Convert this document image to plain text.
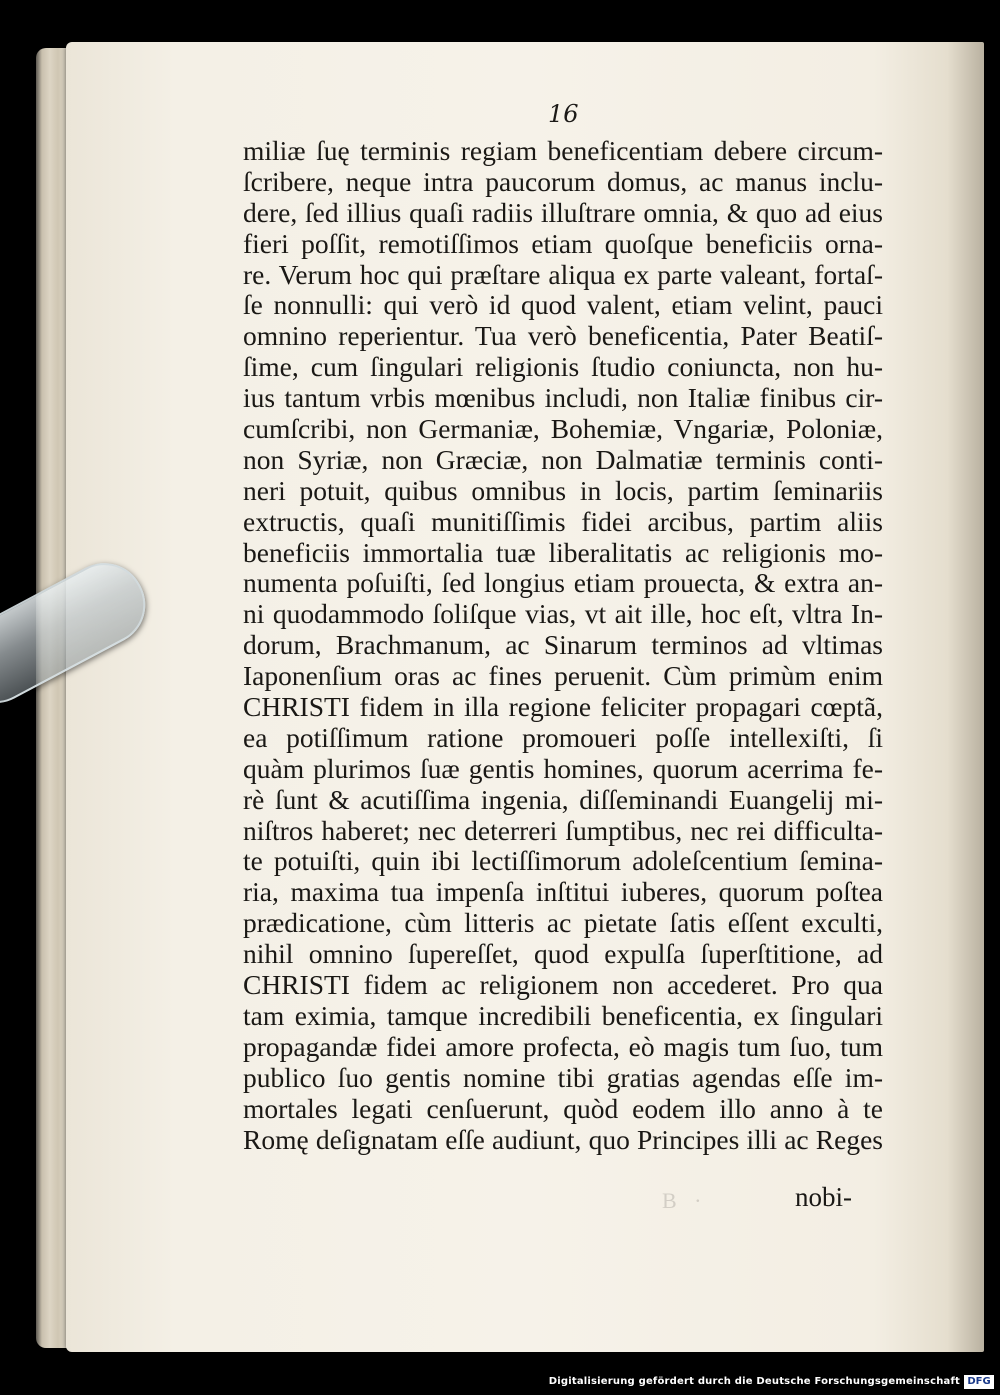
16
miliæ ſuę terminis regiam beneficentiam debere circum-
ſcribere, neque intra paucorum domus, ac manus inclu-
dere, ſed illius quaſi radiis illuſtrare omnia, & quo ad eius
fieri poſſit, remotiſſimos etiam quoſque beneficiis orna-
re. Verum hoc qui præſtare aliqua ex parte valeant, fortaſ-
ſe nonnulli: qui verò id quod valent, etiam velint, pauci
omnino reperientur. Tua verò beneficentia, Pater Beatiſ-
ſime, cum ſingulari religionis ſtudio coniuncta, non hu-
ius tantum vrbis mœnibus includi, non Italiæ finibus cir-
cumſcribi, non Germaniæ, Bohemiæ, Vngariæ, Poloniæ,
non Syriæ, non Græciæ, non Dalmatiæ terminis conti-
neri potuit, quibus omnibus in locis, partim ſeminariis
extructis, quaſi munitiſſimis fidei arcibus, partim aliis
beneficiis immortalia tuæ liberalitatis ac religionis mo-
numenta poſuiſti, ſed longius etiam prouecta, & extra an-
ni quodammodo ſoliſque vias, vt ait ille, hoc eſt, vltra In-
dorum, Brachmanum, ac Sinarum terminos ad vltimas
Iaponenſium oras ac fines peruenit. Cùm primùm enim
CHRISTI fidem in illa regione feliciter propagari cœptã,
ea potiſſimum ratione promoueri poſſe intellexiſti, ſi
quàm plurimos ſuæ gentis homines, quorum acerrima fe-
rè ſunt & acutiſſima ingenia, diſſeminandi Euangelij mi-
niſtros haberet; nec deterreri ſumptibus, nec rei difficulta-
te potuiſti, quin ibi lectiſſimorum adoleſcentium ſemina-
ria, maxima tua impenſa inſtitui iuberes, quorum poſtea
prædicatione, cùm litteris ac pietate ſatis eſſent exculti,
nihil omnino ſupereſſet, quod expulſa ſuperſtitione, ad
CHRISTI fidem ac religionem non accederet. Pro qua
tam eximia, tamque incredibili beneficentia, ex ſingulari
propagandæ fidei amore profecta, eò magis tum ſuo, tum
publico ſuo gentis nomine tibi gratias agendas eſſe im-
mortales legati cenſuerunt, quòd eodem illo anno à te
Romę deſignatam eſſe audiunt, quo Principes illi ac Reges
B ·	nobi-
Digitalisierung gefördert durch die Deutsche Forschungsgemeinschaft DFG
